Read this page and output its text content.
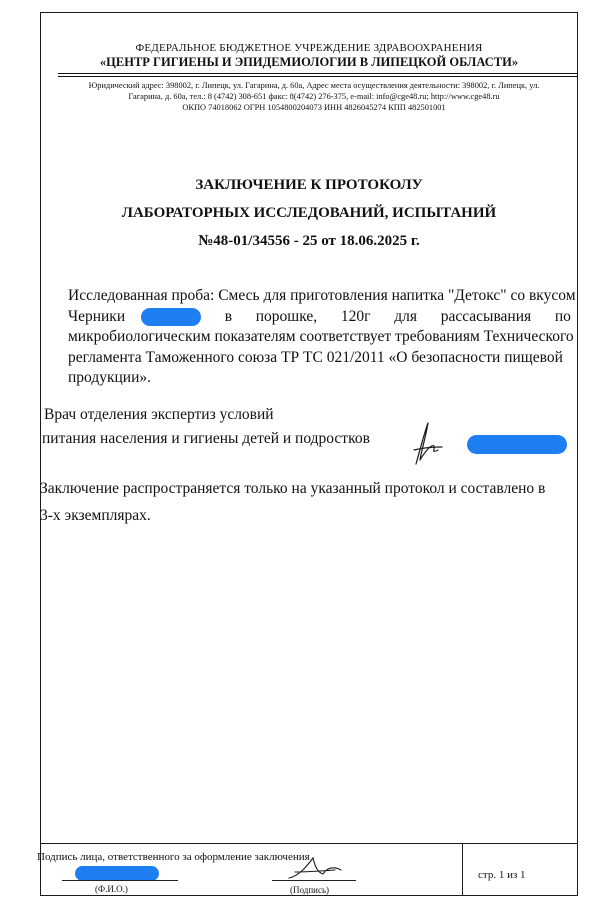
ФЕДЕРАЛЬНОЕ БЮДЖЕТНОЕ УЧРЕЖДЕНИЕ ЗДРАВООХРАНЕНИЯ
«ЦЕНТР ГИГИЕНЫ И ЭПИДЕМИОЛОГИИ В ЛИПЕЦКОЙ ОБЛАСТИ»
Юридический адрес: 398002, г. Липецк, ул. Гагарина, д. 60а, Адрес места осуществления деятельности: 398002, г. Липецк, ул.
Гагарина, д. 60а, тел.: 8 (4742) 308-651 факс: 8(4742) 276-375, e-mail: info@cge48.ru; http://www.cge48.ru
ОКПО 74018062 ОГРН 1054800204073 ИНН 4826045274 КПП 482501001
ЗАКЛЮЧЕНИЕ К ПРОТОКОЛУ
ЛАБОРАТОРНЫХ ИССЛЕДОВАНИЙ, ИСПЫТАНИЙ
№48-01/34556 - 25 от 18.06.2025 г.
Исследованная проба: Смесь для приготовления напитка "Детокс" со вкусом
Черники	в порошке, 120г для рассасывания по
микробиологическим показателям соответствует требованиям Технического
регламента Таможенного союза ТР ТС 021/2011 «О безопасности пищевой
продукции».
Врач отделения экспертиз условий
питания населения и гигиены детей и подростков
Заключение распространяется только на указанный протокол и составлено в
3-х экземплярах.
Подпись лица, ответственного за оформление заключения
(Ф.И.О.)	(Подпись)
стр. 1 из 1
